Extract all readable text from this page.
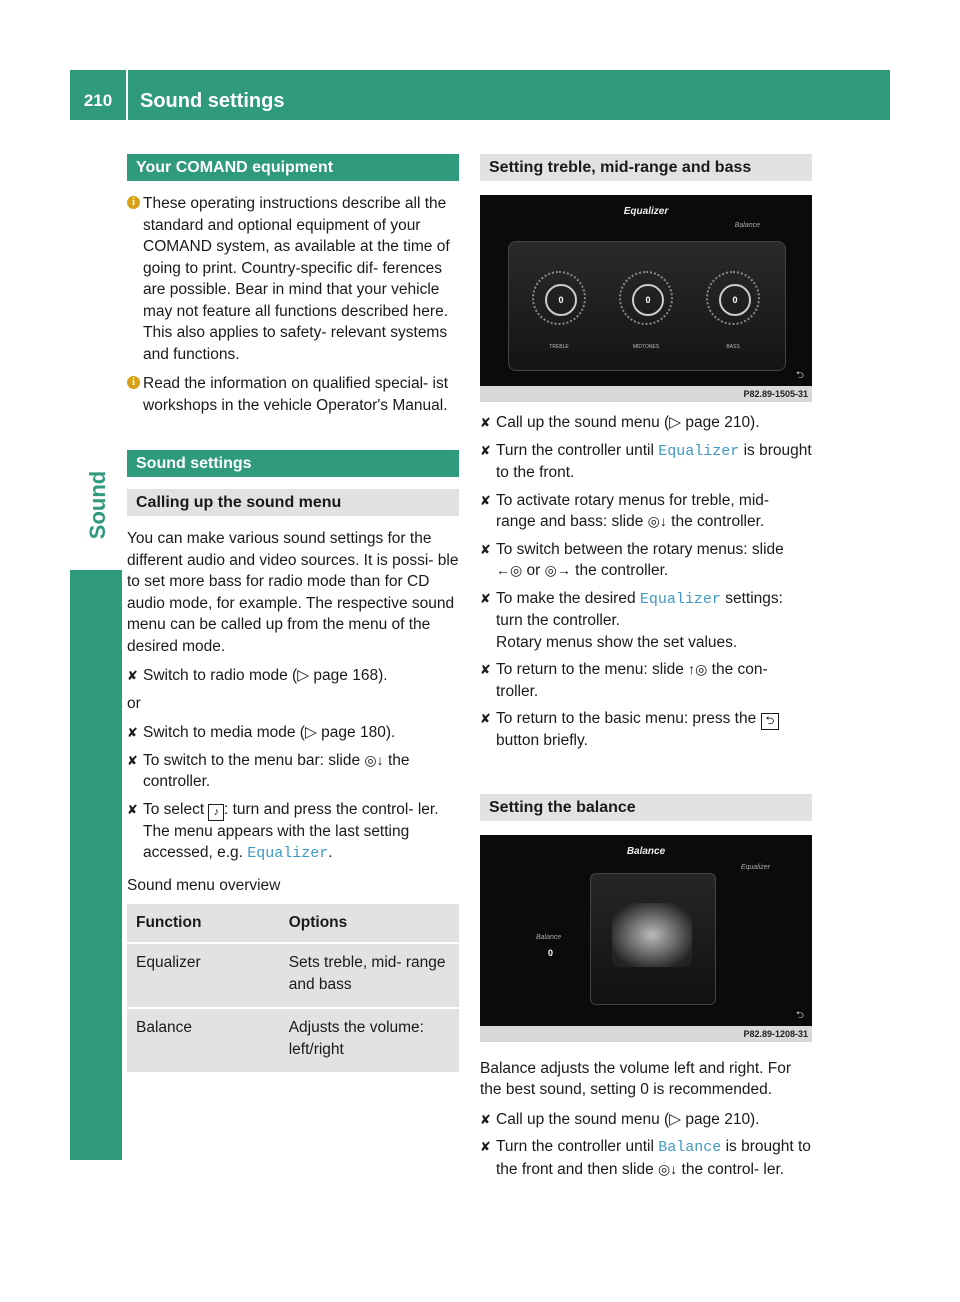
210	Sound settings
Sound
Your COMAND equipment
i These operating instructions describe all the standard and optional equipment of your COMAND system, as available at the time of going to print. Country-specific dif- ferences are possible. Bear in mind that your vehicle may not feature all functions described here. This also applies to safety- relevant systems and functions.
i Read the information on qualified special- ist workshops in the vehicle Operator's Manual.
Sound settings
Calling up the sound menu

You can make various sound settings for the different audio and video sources. It is possi- ble to set more bass for radio mode than for CD audio mode, for example. The respective sound menu can be called up from the menu of the desired mode.

✘ Switch to radio mode (▷ page 168).

or

✘ Switch to media mode (▷ page 180).
✘ To switch to the menu bar: slide ◎↓ the controller.
✘ To select ♪ : turn and press the control- ler.
The menu appears with the last setting accessed, e.g. Equalizer.

Sound menu overview

Function	Options
Equalizer	Sets treble, mid- range and bass
Balance	Adjusts the volume: left/right
Setting treble, mid-range and bass
Equalizer
Balance
0	0	0
TREBLE	MIDTONES	BASS
⮌
P82.89-1505-31
✘ Call up the sound menu (▷ page 210).
✘ Turn the controller until Equalizer is brought to the front.
✘ To activate rotary menus for treble, mid- range and bass: slide ◎↓ the controller.
✘ To switch between the rotary menus: slide ←◎ or ◎→ the controller.
✘ To make the desired Equalizer settings: turn the controller.
Rotary menus show the set values.
✘ To return to the menu: slide ↑◎ the con- troller.
✘ To return to the basic menu: press the ⮌ button briefly.
Setting the balance
Balance
Equalizer
Balance
0
⮌
P82.89-1208-31

Balance adjusts the volume left and right. For the best sound, setting 0 is recommended.

✘ Call up the sound menu (▷ page 210).
✘ Turn the controller until Balance is brought to the front and then slide ◎↓ the control- ler.
